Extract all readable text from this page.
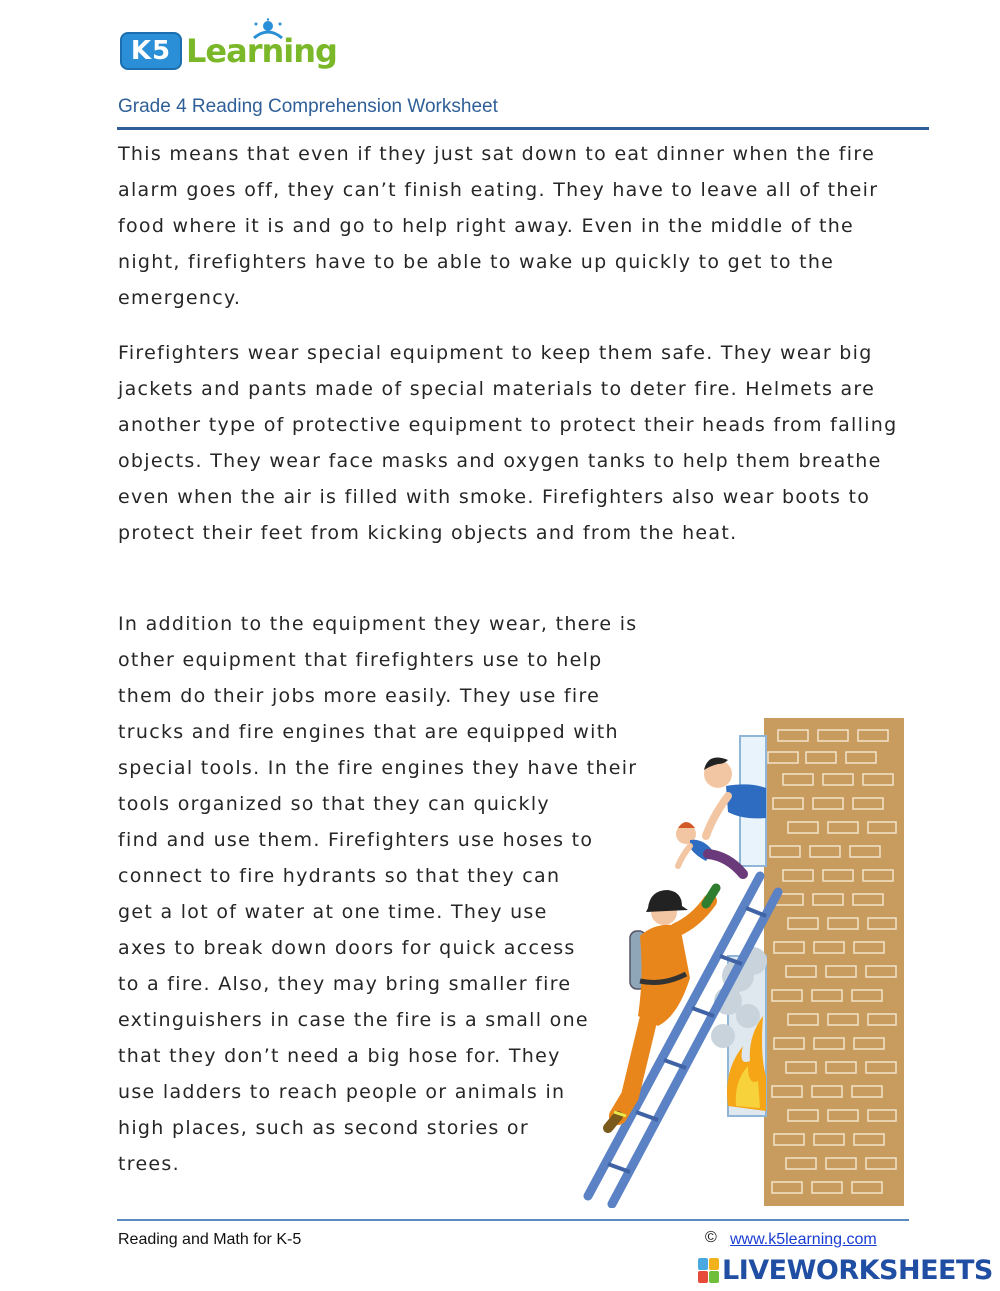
K5 Learning
Grade 4 Reading Comprehension Worksheet

This means that even if they just sat down to eat dinner when the fire alarm goes off, they can’t finish eating. They have to leave all of their food where it is and go to help right away. Even in the middle of the night, firefighters have to be able to wake up quickly to get to the emergency.

Firefighters wear special equipment to keep them safe. They wear big jackets and pants made of special materials to deter fire. Helmets are another type of protective equipment to protect their heads from falling objects. They wear face masks and oxygen tanks to help them breathe even when the air is filled with smoke. Firefighters also wear boots to protect their feet from kicking objects and from the heat.

In addition to the equipment they wear, there is other equipment that firefighters use to help them do their jobs more easily. They use fire trucks and fire engines that are equipped with special tools. In the fire engines they have their tools organized so that they can quickly find and use them. Firefighters use hoses to connect to fire hydrants so that they can get a lot of water at one time. They use axes to break down doors for quick access to a fire. Also, they may bring smaller fire extinguishers in case the fire is a small one that they don’t need a big hose for. They use ladders to reach people or animals in high places, such as second stories or trees.

Reading and Math for K-5	© www.k5learning.com
LIVEWORKSHEETS
